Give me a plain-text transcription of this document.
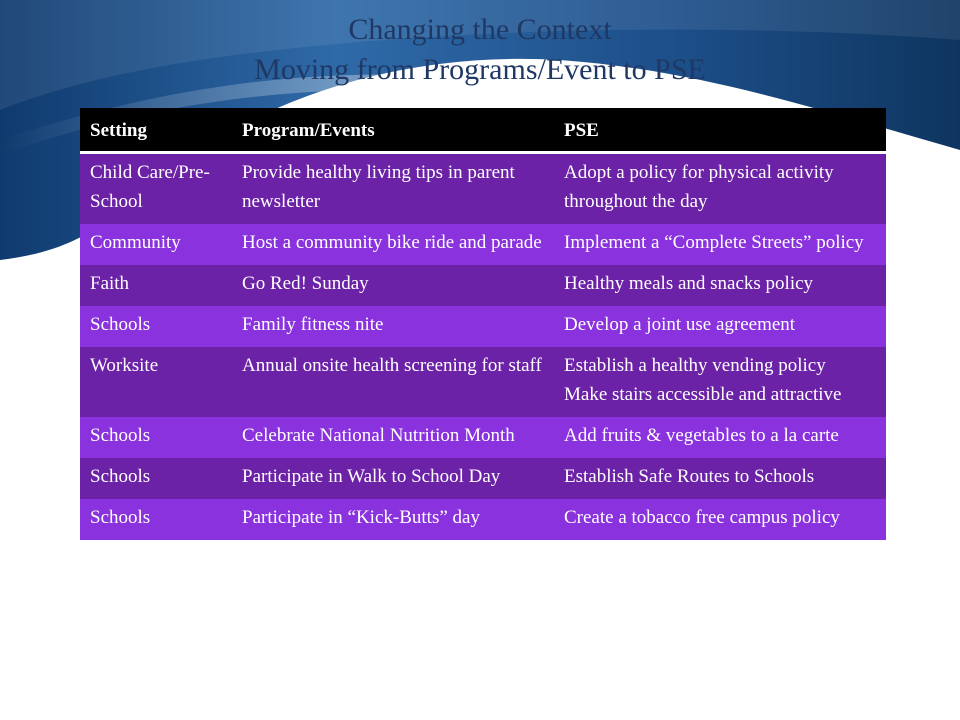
Changing the Context
Moving from Programs/Event to PSE
Setting	Program/Events	PSE
Child Care/Pre-School	Provide healthy living tips in parent newsletter	Adopt a policy for physical activity throughout the day

Community	Host a community bike ride and parade	Implement a “Complete Streets” policy

Faith	Go Red! Sunday	Healthy meals and snacks policy

Schools	Family fitness nite	Develop a joint use agreement

Worksite	Annual onsite health screening for staff	Establish a healthy vending policy
Make stairs accessible and attractive

Schools	Celebrate National Nutrition Month	Add fruits & vegetables to a la carte

Schools	Participate in Walk to School Day	Establish Safe Routes to Schools

Schools	Participate in “Kick-Butts” day	Create a tobacco free campus policy
